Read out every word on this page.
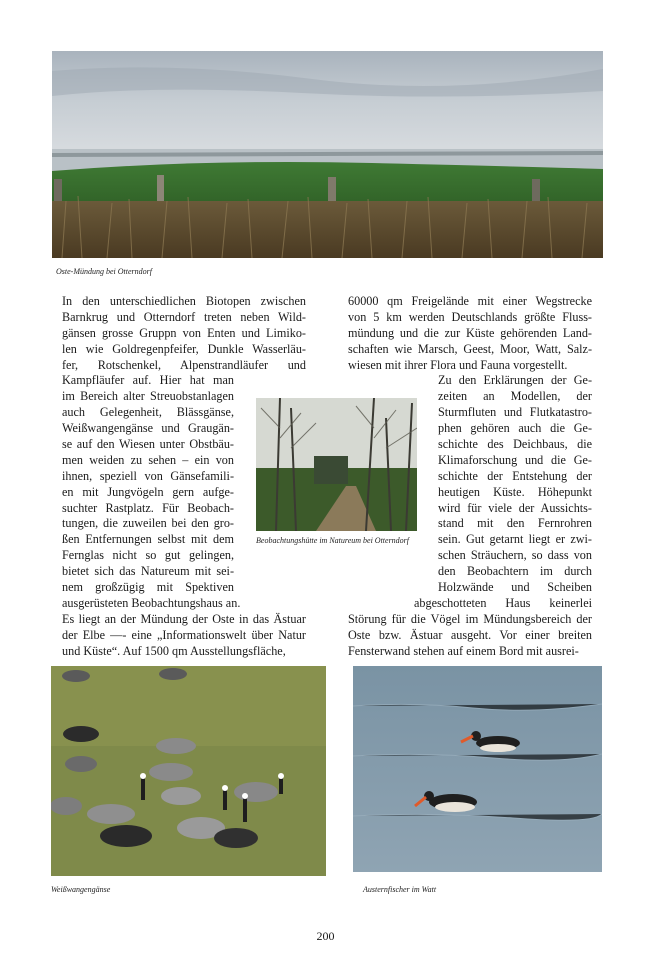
Oste-Mündung bei Otterndorf
In den unterschiedlichen Biotopen zwischen
Barnkrug und Otterndorf treten neben Wild-
gänsen grosse Gruppn von Enten und Limiko-
len wie Goldregenpfeifer, Dunkle Wasserläu-
fer, Rotschenkel, Alpenstrandläufer und
Kampfläufer auf. Hier hat man
im Bereich alter Streuobstanlagen
auch Gelegenheit, Blässgänse,
Weißwangengänse und Graugän-
se auf den Wiesen unter Obstbäu-
men weiden zu sehen – ein von
ihnen, speziell von Gänsefamili-
en mit Jungvögeln gern aufge-
suchter Rastplatz. Für Beobach-
tungen, die zuweilen bei den gro-
ßen Entfernungen selbst mit dem
Fernglas nicht so gut gelingen,
bietet sich das Natureum mit sei-
nem großzügig mit Spektiven
ausgerüsteten Beobachtungshaus an.
Es liegt an der Mündung der Oste in das Ästuar
der Elbe —- eine „Informationswelt über Natur
und Küste“. Auf 1500 qm Ausstellungsfläche,
60000 qm Freigelände mit einer Wegstrecke
von 5 km werden Deutschlands größte Fluss-
mündung und die zur Küste gehörenden Land-
schaften wie Marsch, Geest, Moor, Watt, Salz-
wiesen mit ihrer Flora und Fauna vorgestellt.
Zu den Erklärungen der Ge-
zeiten an Modellen, der
Sturmfluten und Flutkatastro-
phen gehören auch die Ge-
schichte des Deichbaus, die
Klimaforschung und die Ge-
schichte der Entstehung der
heutigen Küste. Höhepunkt
wird für viele der Aussichts-
stand mit den Fernrohren
sein. Gut getarnt liegt er zwi-
schen Sträuchern, so dass von
den Beobachtern im durch
Holzwände und Scheiben
abgeschotteten Haus keinerlei
Störung für die Vögel im Mündungsbereich der
Oste bzw. Ästuar ausgeht. Vor einer breiten
Fensterwand stehen auf einem Bord mit ausrei-
Beobachtungshütte im Natureum bei Otterndorf
Weißwangengänse	Austernfischer im Watt
200
